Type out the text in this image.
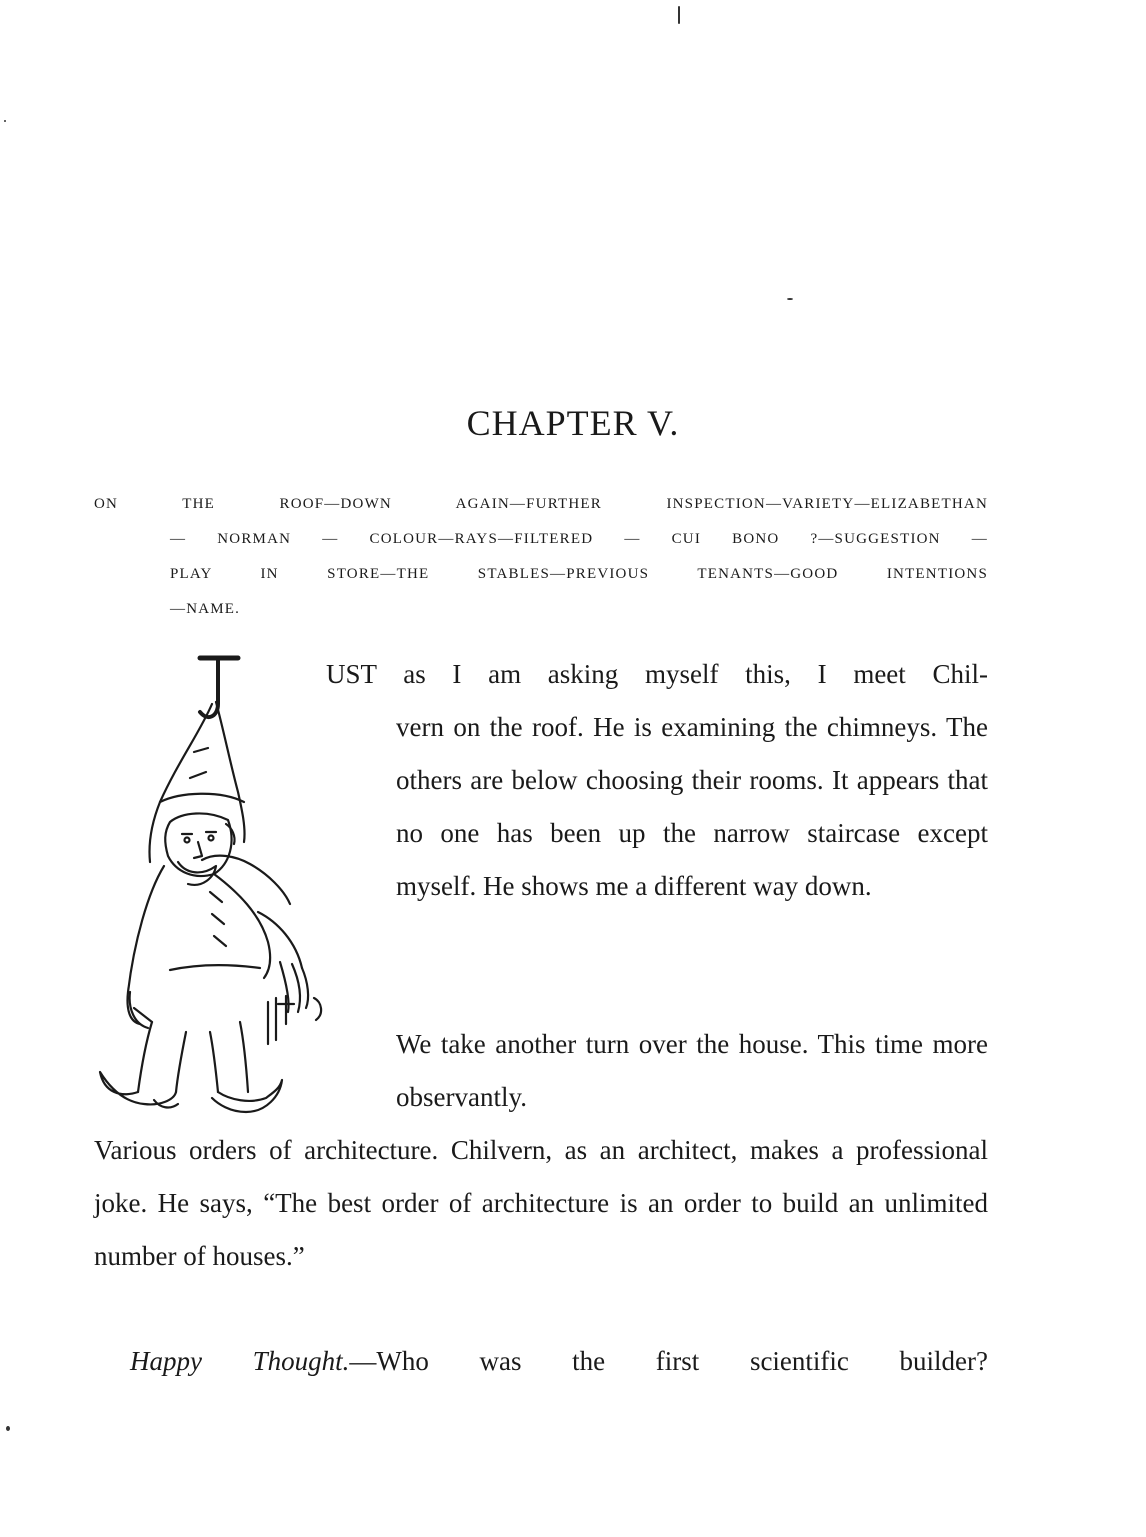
CHAPTER V.
ON THE ROOF—DOWN AGAIN—FURTHER INSPECTION—VARIETY—ELIZABETHAN
— NORMAN — COLOUR—RAYS—FILTERED — CUI BONO ?—SUGGESTION —
PLAY IN STORE—THE STABLES—PREVIOUS TENANTS—GOOD INTENTIONS
—NAME.
UST as I am asking myself this, I meet Chil-
vern on the roof. He is examining the chimneys. The others are below choosing their rooms. It appears that no one has been up the narrow staircase except myself. He shows me a different way down.
We take another turn over the house. This time more observantly.
Various orders of architecture. Chilvern, as an architect, makes a professional joke. He says, “The best order of architecture is an order to build an unlimited number of houses.”
Happy Thought.—Who was the first scientific builder?
